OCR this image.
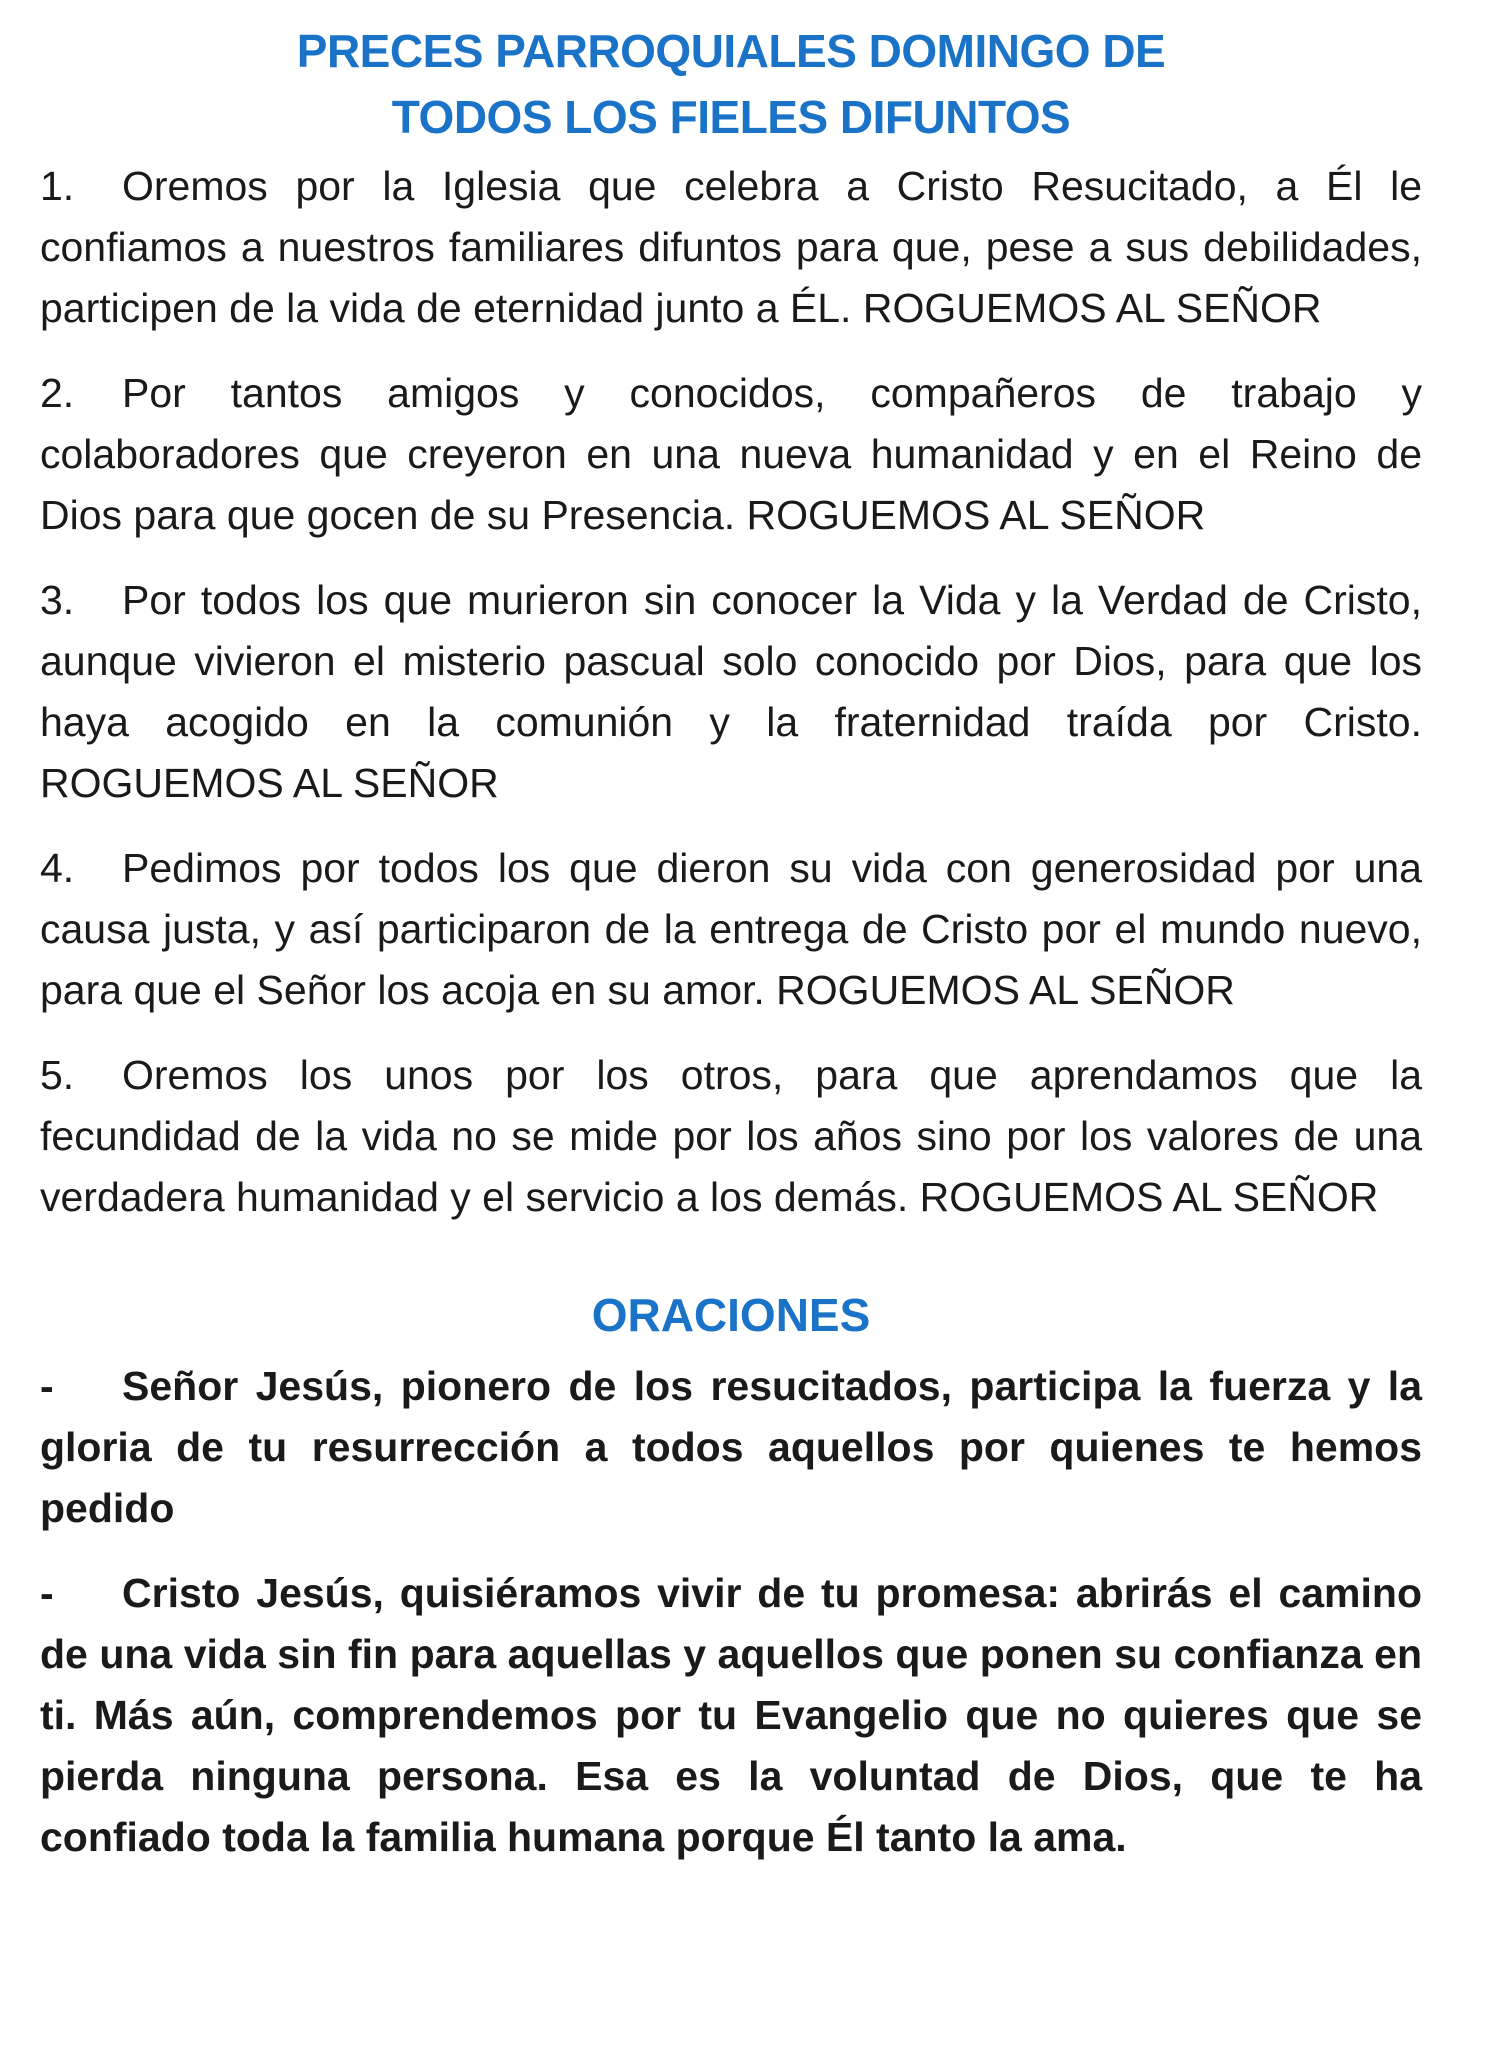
PRECES PARROQUIALES DOMINGO DE
TODOS LOS FIELES DIFUNTOS

1. Oremos por la Iglesia que celebra a Cristo Resucitado, a Él le confiamos a nuestros familiares difuntos para que, pese a sus debilidades, participen de la vida de eternidad junto a ÉL. ROGUEMOS AL SEÑOR

2. Por tantos amigos y conocidos, compañeros de trabajo y colaboradores que creyeron en una nueva humanidad y en el Reino de Dios para que gocen de su Presencia. ROGUEMOS AL SEÑOR

3. Por todos los que murieron sin conocer la Vida y la Verdad de Cristo, aunque vivieron el misterio pascual solo conocido por Dios, para que los haya acogido en la comunión y la fraternidad traída por Cristo. ROGUEMOS AL SEÑOR

4. Pedimos por todos los que dieron su vida con generosidad por una causa justa, y así participaron de la entrega de Cristo por el mundo nuevo, para que el Señor los acoja en su amor. ROGUEMOS AL SEÑOR

5. Oremos los unos por los otros, para que aprendamos que la fecundidad de la vida no se mide por los años sino por los valores de una verdadera humanidad y el servicio a los demás. ROGUEMOS AL SEÑOR

ORACIONES

- Señor Jesús, pionero de los resucitados, participa la fuerza y la gloria de tu resurrección a todos aquellos por quienes te hemos pedido

- Cristo Jesús, quisiéramos vivir de tu promesa: abrirás el camino de una vida sin fin para aquellas y aquellos que ponen su confianza en ti. Más aún, comprendemos por tu Evangelio que no quieres que se pierda ninguna persona. Esa es la voluntad de Dios, que te ha confiado toda la familia humana porque Él tanto la ama.
